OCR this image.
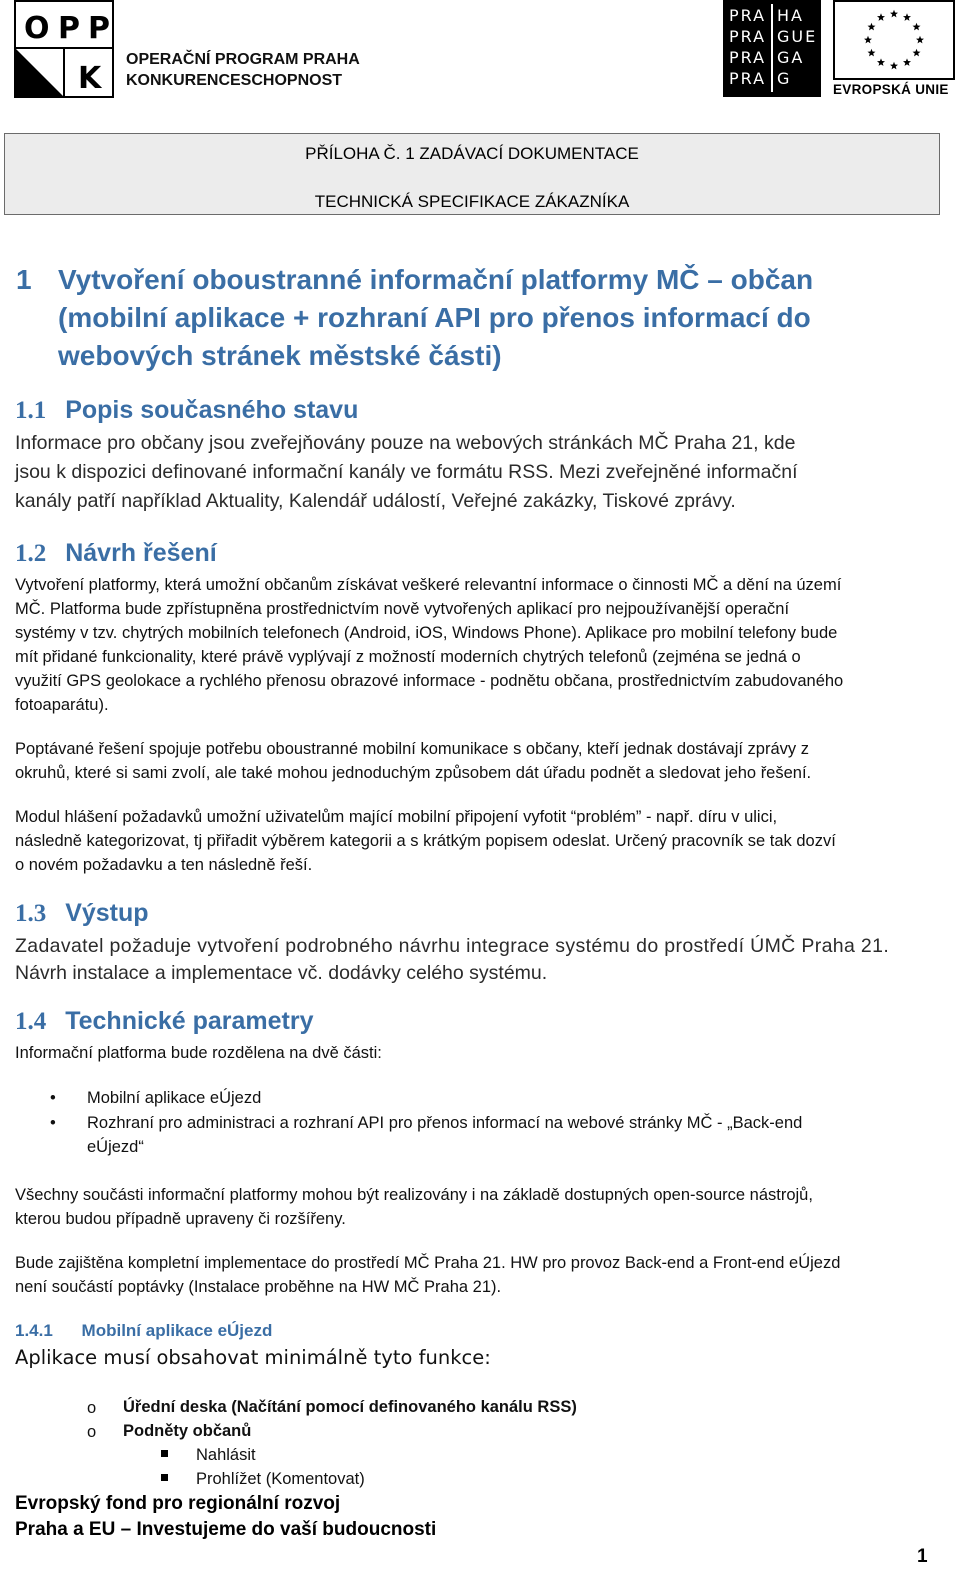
O P P
K
OPERAČNÍ PROGRAM PRAHA
KONKURENCESCHOPNOST
PRA HA
PRA GUE
PRA GA
PRA G
EVROPSKÁ UNIE
PŘÍLOHA Č. 1 ZADÁVACÍ DOKUMENTACE
TECHNICKÁ SPECIFIKACE ZÁKAZNÍKA
1 Vytvoření oboustranné informační platformy MČ – občan
(mobilní aplikace + rozhraní API pro přenos informací do
webových stránek městské části)
1.1 Popis současného stavu
Informace pro občany jsou zveřejňovány pouze na webových stránkách MČ Praha 21, kde
jsou k dispozici definované informační kanály ve formátu RSS. Mezi zveřejněné informační
kanály patří například Aktuality, Kalendář událostí, Veřejné zakázky, Tiskové zprávy.
1.2 Návrh řešení
Vytvoření platformy, která umožní občanům získávat veškeré relevantní informace o činnosti MČ a dění na území
MČ. Platforma bude zpřístupněna prostřednictvím nově vytvořených aplikací pro nejpoužívanější operační
systémy v tzv. chytrých mobilních telefonech (Android, iOS, Windows Phone). Aplikace pro mobilní telefony bude
mít přidané funkcionality, které právě vyplývají z možností moderních chytrých telefonů (zejména se jedná o
využití GPS geolokace a rychlého přenosu obrazové informace - podnětu občana, prostřednictvím zabudovaného
fotoaparátu).
Poptávané řešení spojuje potřebu oboustranné mobilní komunikace s občany, kteří jednak dostávají zprávy z
okruhů, které si sami zvolí, ale také mohou jednoduchým způsobem dát úřadu podnět a sledovat jeho řešení.
Modul hlášení požadavků umožní uživatelům mající mobilní připojení vyfotit “problém” - např. díru v ulici,
následně kategorizovat, tj přiřadit výběrem kategorii a s krátkým popisem odeslat. Určený pracovník se tak dozví
o novém požadavku a ten následně řeší.
1.3 Výstup
Zadavatel požaduje vytvoření podrobného návrhu integrace systému do prostředí ÚMČ Praha 21.
Návrh instalace a implementace vč. dodávky celého systému.
1.4 Technické parametry
Informační platforma bude rozdělena na dvě části:
• Mobilní aplikace eÚjezd
• Rozhraní pro administraci a rozhraní API pro přenos informací na webové stránky MČ - „Back-end
eÚjezd“
Všechny součásti informační platformy mohou být realizovány i na základě dostupných open-source nástrojů,
kterou budou případně upraveny či rozšířeny.
Bude zajištěna kompletní implementace do prostředí MČ Praha 21. HW pro provoz Back-end a Front-end eÚjezd
není součástí poptávky (Instalace proběhne na HW MČ Praha 21).
1.4.1 Mobilní aplikace eÚjezd
Aplikace musí obsahovat minimálně tyto funkce:
o Úřední deska (Načítání pomocí definovaného kanálu RSS)
o Podněty občanů
Nahlásit
Prohlížet (Komentovat)
Evropský fond pro regionální rozvoj
Praha a EU – Investujeme do vaší budoucnosti
1
